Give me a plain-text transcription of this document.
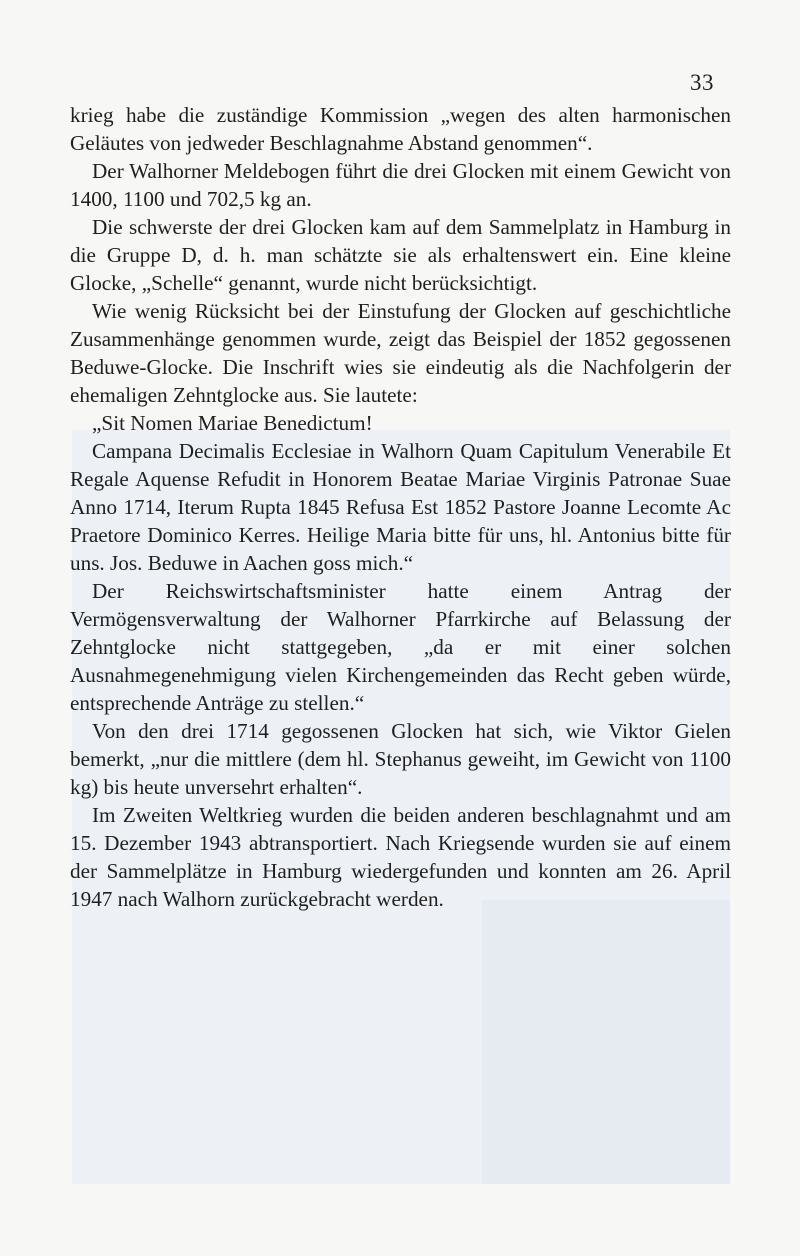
33

krieg habe die zuständige Kommission „wegen des alten harmonischen Geläutes von jedweder Beschlagnahme Abstand genommen“.

Der Walhorner Meldebogen führt die drei Glocken mit einem Gewicht von 1400, 1100 und 702,5 kg an.

Die schwerste der drei Glocken kam auf dem Sammelplatz in Hamburg in die Gruppe D, d. h. man schätzte sie als erhaltenswert ein. Eine kleine Glocke, „Schelle“ genannt, wurde nicht berücksichtigt.

Wie wenig Rücksicht bei der Einstufung der Glocken auf geschichtliche Zusammenhänge genommen wurde, zeigt das Beispiel der 1852 gegossenen Beduwe-Glocke. Die Inschrift wies sie eindeutig als die Nachfolgerin der ehemaligen Zehntglocke aus. Sie lautete:

„Sit Nomen Mariae Benedictum!

Campana Decimalis Ecclesiae in Walhorn Quam Capitulum Venerabile Et Regale Aquense Refudit in Honorem Beatae Mariae Virginis Patronae Suae Anno 1714, Iterum Rupta 1845 Refusa Est 1852 Pastore Joanne Lecomte Ac Praetore Dominico Kerres. Heilige Maria bitte für uns, hl. Antonius bitte für uns. Jos. Beduwe in Aachen goss mich.“

Der Reichswirtschaftsminister hatte einem Antrag der Vermögensverwaltung der Walhorner Pfarrkirche auf Belassung der Zehntglocke nicht stattgegeben, „da er mit einer solchen Ausnahmegenehmigung vielen Kirchengemeinden das Recht geben würde, entsprechende Anträge zu stellen.“

Von den drei 1714 gegossenen Glocken hat sich, wie Viktor Gielen bemerkt, „nur die mittlere (dem hl. Stephanus geweiht, im Gewicht von 1100 kg) bis heute unversehrt erhalten“.

Im Zweiten Weltkrieg wurden die beiden anderen beschlagnahmt und am 15. Dezember 1943 abtransportiert. Nach Kriegsende wurden sie auf einem der Sammelplätze in Hamburg wiedergefunden und konnten am 26. April 1947 nach Walhorn zurückgebracht werden.
